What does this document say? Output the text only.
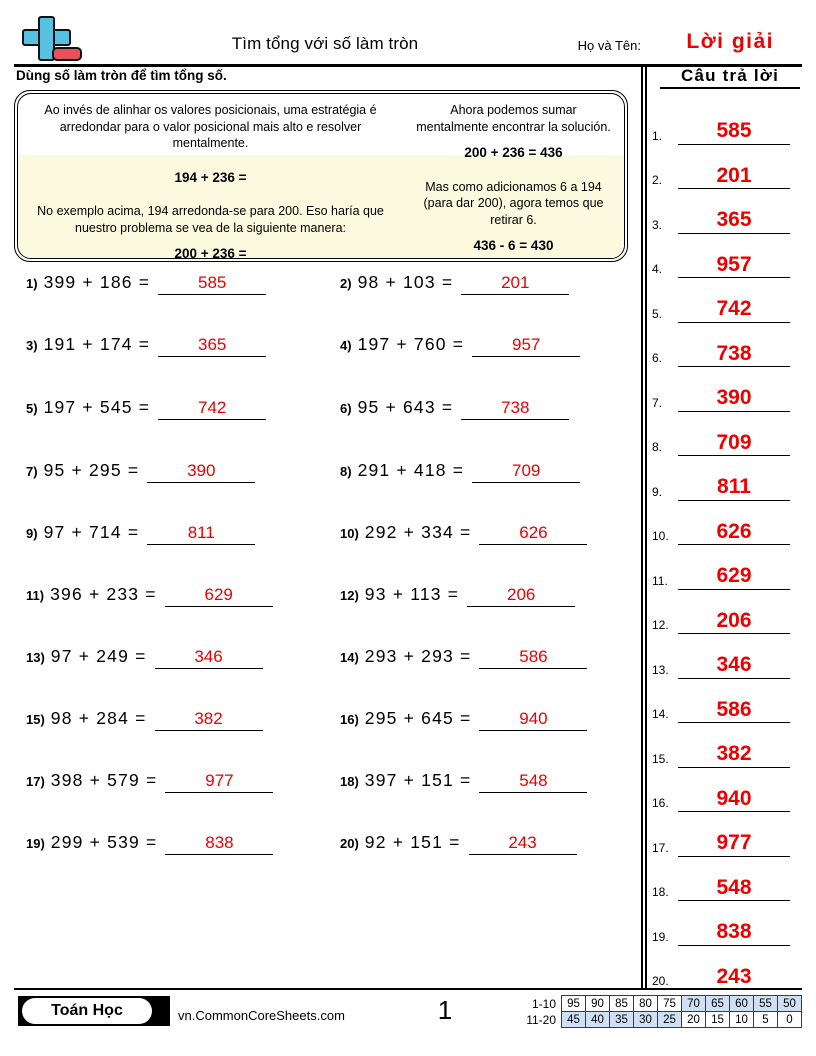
Tìm tổng với số làm tròn	Họ và Tên: Lời giải
Dùng số làm tròn để tìm tổng số.	Câu trả lời

Ao invés de alinhar os valores posicionais, uma estratégia é arredondar para o valor posicional mais alto e resolver mentalmente.

194 + 236 =

No exemplo acima, 194 arredonda-se para 200. Eso haría que nuestro problema se vea de la siguiente manera:

200 + 236 =

Ahora podemos sumar mentalmente encontrar la solución.

200 + 236 = 436

Mas como adicionamos 6 a 194 (para dar 200), agora temos que retirar 6.

436 - 6 = 430

1) 399 + 186 =	585	2) 98 + 103 =	201
3) 191 + 174 =	365	4) 197 + 760 =	957
5) 197 + 545 =	742	6) 95 + 643 =	738
7) 95 + 295 =	390	8) 291 + 418 =	709
9) 97 + 714 =	811	10) 292 + 334 =	626
11) 396 + 233 =	629	12) 93 + 113 =	206
13) 97 + 249 =	346	14) 293 + 293 =	586
15) 98 + 284 =	382	16) 295 + 645 =	940
17) 398 + 579 =	977	18) 397 + 151 =	548
19) 299 + 539 =	838	20) 92 + 151 =	243
1.	585
2.	201
3.	365
4.	957
5.	742
6.	738
7.	390
8.	709
9.	811
10.	626
11.	629
12.	206
13.	346
14.	586
15.	382
16.	940
17.	977
18.	548
19.	838
20.	243
Toán Học	vn.CommonCoreSheets.com	1	1-10	95	90	85	80	75	70	65	60	55	50
11-20	45	40	35	30	25	20	15	10	5	0
